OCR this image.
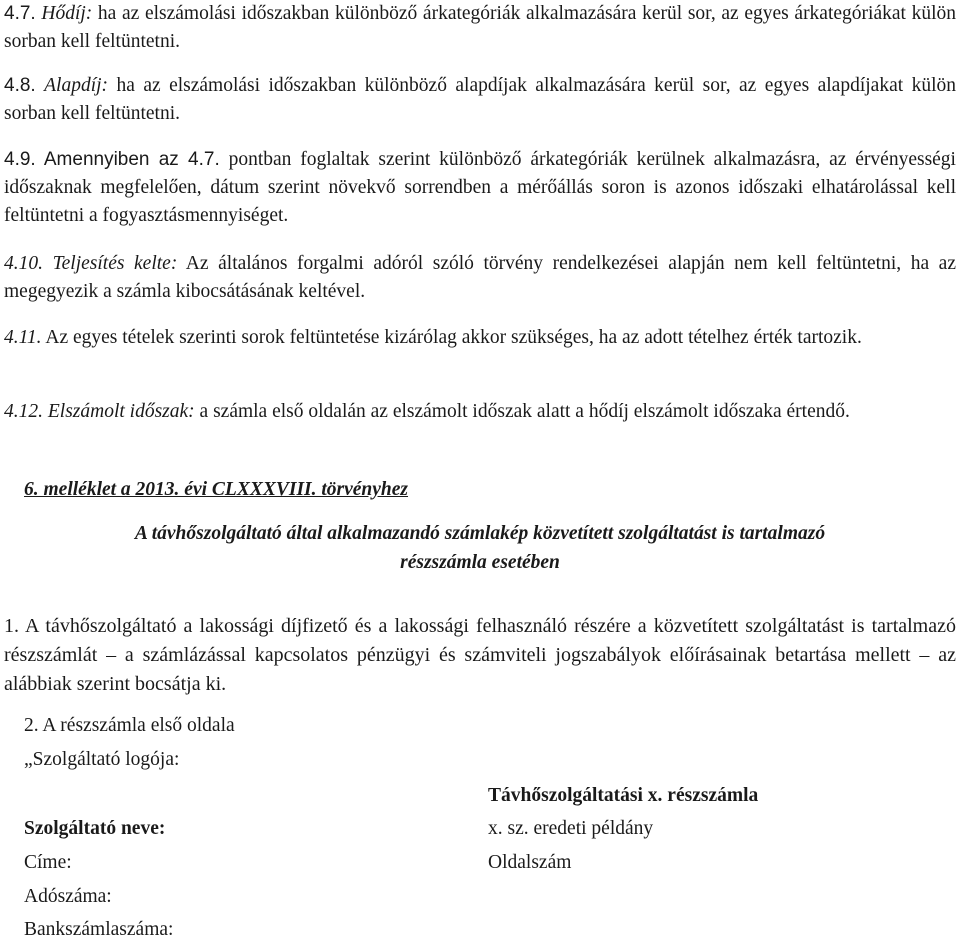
4.7. Hődíj: ha az elszámolási időszakban különböző árkategóriák alkalmazására kerül sor, az egyes árkategóriákat külön sorban kell feltüntetni.

4.8. Alapdíj: ha az elszámolási időszakban különböző alapdíjak alkalmazására kerül sor, az egyes alapdíjakat külön sorban kell feltüntetni.

4.9. Amennyiben az 4.7. pontban foglaltak szerint különböző árkategóriák kerülnek alkalmazásra, az érvényességi időszaknak megfelelően, dátum szerint növekvő sorrendben a mérőállás soron is azonos időszaki elhatárolással kell feltüntetni a fogyasztásmennyiséget.

4.10. Teljesítés kelte: Az általános forgalmi adóról szóló törvény rendelkezései alapján nem kell feltüntetni, ha az megegyezik a számla kibocsátásának keltével.

4.11. Az egyes tételek szerinti sorok feltüntetése kizárólag akkor szükséges, ha az adott tételhez érték tartozik.

4.12. Elszámolt időszak: a számla első oldalán az elszámolt időszak alatt a hődíj elszámolt időszaka értendő.

6. melléklet a 2013. évi CLXXXVIII. törvényhez

A távhőszolgáltató által alkalmazandó számlakép közvetített szolgáltatást is tartalmazó

részszámla esetében

1. A távhőszolgáltató a lakossági díjfizető és a lakossági felhasználó részére a közvetített szolgáltatást is tartalmazó részszámlát – a számlázással kapcsolatos pénzügyi és számviteli jogszabályok előírásainak betartása mellett – az alábbiak szerint bocsátja ki.

2. A részszámla első oldala

„Szolgáltató logója:

Távhőszolgáltatási x. részszámla

Szolgáltató neve:	x. sz. eredeti példány

Címe:	Oldalszám

Adószáma:

Bankszámlaszáma:
